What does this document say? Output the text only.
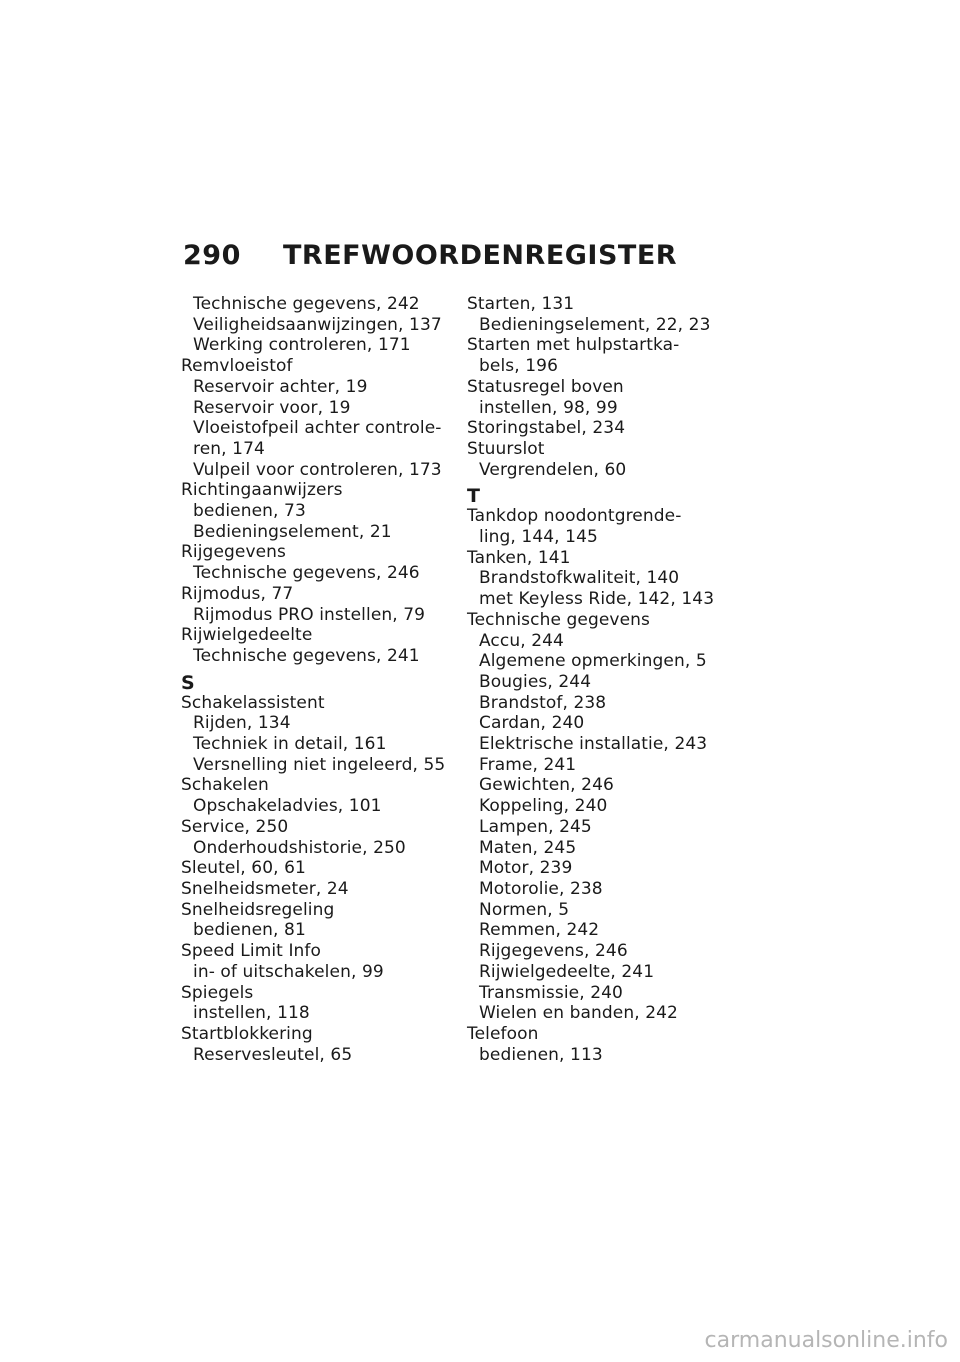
290 TREFWOORDENREGISTER
Technische gegevens, 242
Veiligheidsaanwijzingen, 137
Werking controleren, 171
Remvloeistof
Reservoir achter, 19
Reservoir voor, 19
Vloeistofpeil achter controle-
ren, 174
Vulpeil voor controleren, 173
Richtingaanwijzers
bedienen, 73
Bedieningselement, 21
Rijgegevens
Technische gegevens, 246
Rijmodus, 77
Rijmodus PRO instellen, 79
Rijwielgedeelte
Technische gegevens, 241
S
Schakelassistent
Rijden, 134
Techniek in detail, 161
Versnelling niet ingeleerd, 55
Schakelen
Opschakeladvies, 101
Service, 250
Onderhoudshistorie, 250
Sleutel, 60, 61
Snelheidsmeter, 24
Snelheidsregeling
bedienen, 81
Speed Limit Info
in- of uitschakelen, 99
Spiegels
instellen, 118
Startblokkering
Reservesleutel, 65
Starten, 131
Bedieningselement, 22, 23
Starten met hulpstartka-
bels, 196
Statusregel boven
instellen, 98, 99
Storingstabel, 234
Stuurslot
Vergrendelen, 60
T
Tankdop noodontgrende-
ling, 144, 145
Tanken, 141
Brandstofkwaliteit, 140
met Keyless Ride, 142, 143
Technische gegevens
Accu, 244
Algemene opmerkingen, 5
Bougies, 244
Brandstof, 238
Cardan, 240
Elektrische installatie, 243
Frame, 241
Gewichten, 246
Koppeling, 240
Lampen, 245
Maten, 245
Motor, 239
Motorolie, 238
Normen, 5
Remmen, 242
Rijgegevens, 246
Rijwielgedeelte, 241
Transmissie, 240
Wielen en banden, 242
Telefoon
bedienen, 113
carmanualsonline.info
